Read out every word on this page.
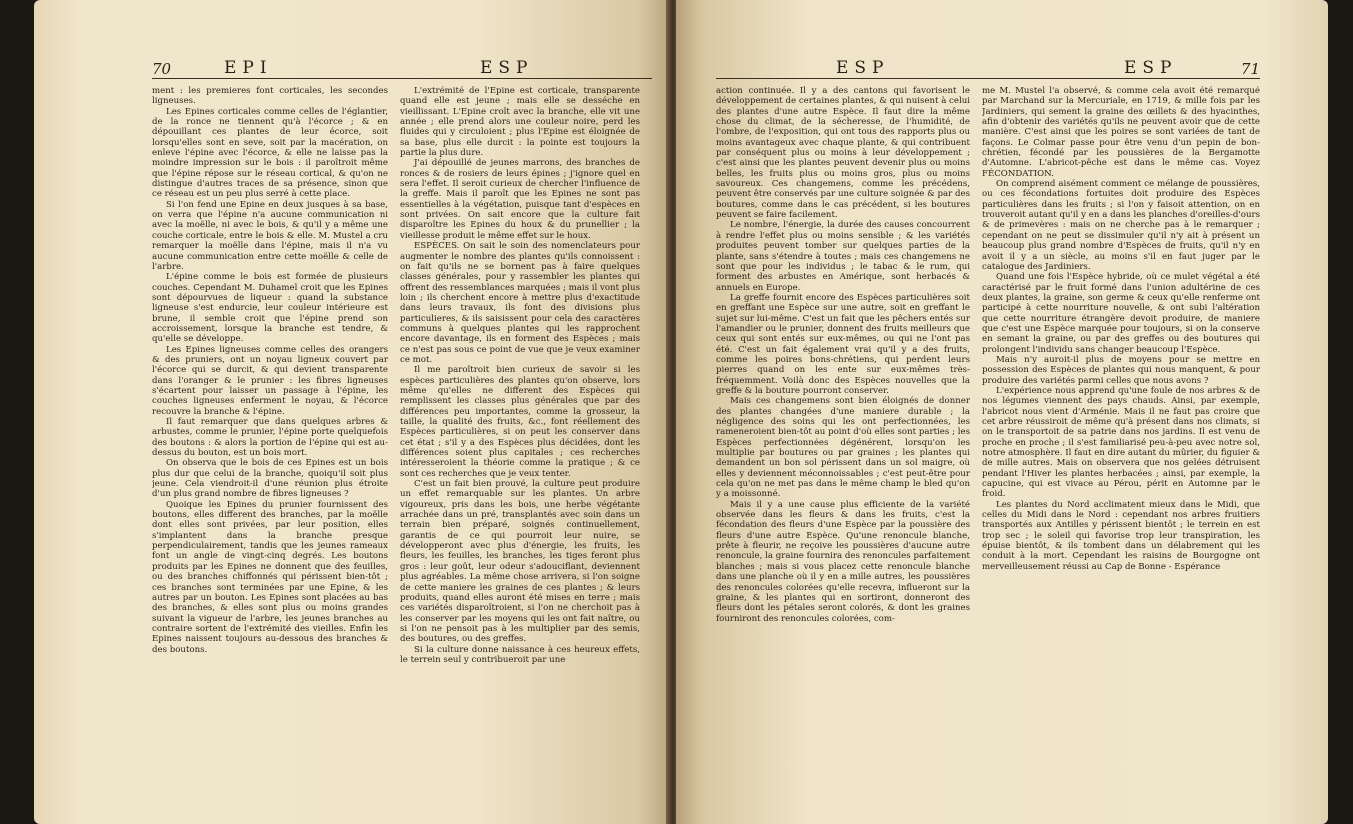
70	EPI	ESP

ment : les premieres font corticales, les secondes ligneuses.

Les Epines corticales comme celles de l'églantier, de la ronce ne tiennent qu'à l'écorce ; & en dépouillant ces plantes de leur écorce, soit lorsqu'elles sont en seve, soit par la macération, on enleve l'épine avec l'écorce, & elle ne laisse pas la moindre impression sur le bois : il paroîtroit même que l'épine répose sur le réseau cortical, & qu'on ne distingue d'autres traces de sa présence, sinon que ce réseau est un peu plus serré à cette place.

Si l'on fend une Epine en deux jusques à sa base, on verra que l'épine n'a aucune communication ni avec la moëlle, ni avec le bois, & qu'il y a même une couche corticale, entre le bois & elle. M. Mustel a cru remarquer la moëlle dans l'épine, mais il n'a vu aucune communication entre cette moëlle & celle de l'arbre.

L'épine comme le bois est formée de plusieurs couches. Cependant M. Duhamel croit que les Epines sont dépourvues de liqueur : quand la substance ligneuse s'est endurcie, leur couleur intérieure est brune, il semble croit que l'épine prend son accroissement, lorsque la branche est tendre, & qu'elle se développe.

Les Epines ligneuses comme celles des orangers & des pruniers, ont un noyau ligneux couvert par l'écorce qui se durcit, & qui devient transparente dans l'oranger & le prunier : les fibres ligneuses s'écartent pour laisser un passage à l'épine, les couches ligneuses enferment le noyau, & l'écorce recouvre la branche & l'épine.

Il faut remarquer que dans quelques arbres & arbustes, comme le prunier, l'épine porte quelquefois des boutons : & alors la portion de l'épine qui est au-dessus du bouton, est un bois mort.

On observa que le bois de ces Epines est un bois plus dur que celui de la branche, quoiqu'il soit plus jeune. Cela viendroit-il d'une réunion plus étroite d'un plus grand nombre de fibres ligneuses ?

Quoique les Epines du prunier fournissent des boutons, elles different des branches, par la moëlle dont elles sont privées, par leur position, elles s'implantent dans la branche presque perpendiculairement, tandis que les jeunes rameaux font un angle de vingt-cinq degrés. Les boutons produits par les Epines ne donnent que des feuilles, ou des branches chiffonnés qui périssent bien-tôt ; ces branches sont terminées par une Epine, & les autres par un bouton. Les Epines sont placées au bas des branches, & elles sont plus ou moins grandes suivant la vigueur de l'arbre, les jeunes branches au contraire sortent de l'extrémité des vieilles. Enfin les Epines naissent toujours au-dessous des branches & des boutons.

L'extrémité de l'Epine est corticale, transparente quand elle est jeune ; mais elle se desséche en vieillissant. L'Epine croît avec la branche, elle vit une année ; elle prend alors une couleur noire, perd les fluides qui y circuloient ; plus l'Epine est éloignée de sa base, plus elle durcit : la pointe est toujours la partie la plus dure.

J'ai dépouillé de jeunes marrons, des branches de ronces & de rosiers de leurs épines ; j'ignore quel en sera l'effet. Il seroit curieux de chercher l'influence de la greffe. Mais il paroît que les Epines ne sont pas essentielles à la végétation, puisque tant d'espèces en sont privées. On sait encore que la culture fait disparoître les Epines du houx & du prunellier ; la vieillesse produit le même effet sur le houx.

ESPÈCES. On sait le soin des nomenclateurs pour augmenter le nombre des plantes qu'ils connoissent : on fait qu'ils ne se bornent pas à faire quelques classes générales, pour y rassembler les plantes qui offrent des ressemblances marquées ; mais il vont plus loin ; ils cherchent encore à mettre plus d'exactitude dans leurs travaux, ils font des divisions plus particulieres, & ils saisissent pour cela des caractères communs à quelques plantes qui les rapprochent encore davantage, ils en forment des Espèces ; mais ce n'est pas sous ce point de vue que je veux examiner ce mot.

Il me paroîtroit bien curieux de savoir si les espèces particulières des plantes qu'on observe, lors même qu'elles ne different des Espèces qui remplissent les classes plus générales que par des différences peu importantes, comme la grosseur, la taille, la qualité des fruits, &c., font réellement des Espèces particulières, si on peut les conserver dans cet état ; s'il y a des Espèces plus décidées, dont les différences soient plus capitales ; ces recherches intéresseroient la théorie comme la pratique ; & ce sont ces recherches que je veux tenter.

C'est un fait bien prouvé, la culture peut produire un effet remarquable sur les plantes. Un arbre vigoureux, pris dans les bois, une herbe végétante arrachée dans un pré, transplantés avec soin dans un terrain bien préparé, soignés continuellement, garantis de ce qui pourroit leur nuire, se développeront avec plus d'énergie, les fruits, les fleurs, les feuilles, les branches, les tiges feront plus gros : leur goût, leur odeur s'adouciflant, deviennent plus agréables. La même chose arrivera, si l'on soigne de cette maniere les graines de ces plantes ; & leurs produits, quand elles auront été mises en terre ; mais ces variétés disparoîtroient, si l'on ne cherchoit pas à les conserver par les moyens qui les ont fait naître, ou si l'on ne pensoit pas à les multiplier par des semis, des boutures, ou des greffes.

Si la culture donne naissance à ces heureux effets, le terrein seul y contribueroit par une

ESP	ESP	71

action continuée. Il y a des cantons qui favorisent le développement de certaines plantes, & qui nuisent à celui des plantes d'une autre Espèce. Il faut dire la même chose du climat, de la sécheresse, de l'humidité, de l'ombre, de l'exposition, qui ont tous des rapports plus ou moins avantageux avec chaque plante, & qui contribuent par conséquent plus ou moins à leur développement ; c'est ainsi que les plantes peuvent devenir plus ou moins belles, les fruits plus ou moins gros, plus ou moins savoureux. Ces changemens, comme les précédens, peuvent être conservés par une culture soignée & par des boutures, comme dans le cas précédent, si les boutures peuvent se faire facilement.

Le nombre, l'énergie, la durée des causes concourrent à rendre l'effet plus ou moins sensible ; & les variétés produites peuvent tomber sur quelques parties de la plante, sans s'étendre à toutes ; mais ces changemens ne sont que pour les individus ; le tabac & le rum, qui forment des arbustes en Amérique, sont herbacés & annuels en Europe.

La greffe fournit encore des Espèces particulières soit en greffant une Espèce sur une autre, soit en greffant le sujet sur lui-même. C'est un fait que les pêchers entés sur l'amandier ou le prunier, donnent des fruits meilleurs que ceux qui sont entés sur eux-mêmes, ou qui ne l'ont pas été. C'est un fait également vrai qu'il y a des fruits, comme les poires bons-chrétiens, qui perdent leurs pierres quand on les ente sur eux-mêmes très-fréquemment. Voilà donc des Espèces nouvelles que la greffe & la bouture pourront conserver.

Mais ces changemens sont bien éloignés de donner des plantes changées d'une maniere durable ; la négligence des soins qui les ont perfectionnées, les rameneroient bien-tôt au point d'où elles sont parties ; les Espèces perfectionnées dégénérent, lorsqu'on les multiplie par boutures ou par graines ; les plantes qui demandent un bon sol périssent dans un sol maigre, où elles y deviennent méconnoissables ; c'est peut-être pour cela qu'on ne met pas dans le même champ le bled qu'on y a moissonné.

Mais il y a une cause plus efficiente de la variété observée dans les fleurs & dans les fruits, c'est la fécondation des fleurs d'une Espèce par la poussière des fleurs d'une autre Espèce. Qu'une renoncule blanche, prête à fleurir, ne reçoive les poussières d'aucune autre renoncule, la graine fournira des renoncules parfaitement blanches ; mais si vous placez cette renoncule blanche dans une planche où il y en a mille autres, les poussières des renoncules colorées qu'elle recevra, influeront sur la graine, & les plantes qui en sortiront, donneront des fleurs dont les pétales seront colorés, & dont les graines fourniront des renoncules colorées, com-

me M. Mustel l'a observé, & comme cela avoit été remarqué par Marchand sur la Mercuriale, en 1719, & mille fois par les Jardiniers, qui sement la graine des œillets & des hyacinthes, afin d'obtenir des variétés qu'ils ne peuvent avoir que de cette manière. C'est ainsi que les poires se sont variées de tant de façons. Le Colmar passe pour être venu d'un pepin de bon-chrétien, fécondé par les poussières de la Bergamotte d'Automne. L'abricot-pêche est dans le même cas. Voyez FÉCONDATION.

On comprend aisément comment ce mélange de poussières, ou ces fécondations fortuites doit produire des Espèces particulières dans les fruits ; si l'on y faisoit attention, on en trouveroit autant qu'il y en a dans les planches d'oreilles-d'ours & de primevères : mais on ne cherche pas à le remarquer ; cependant on ne peut se dissimuler qu'il n'y ait à présent un beaucoup plus grand nombre d'Espèces de fruits, qu'il n'y en avoit il y a un siècle, au moins s'il en faut juger par le catalogue des Jardiniers.

Quand une fois l'Espèce hybride, où ce mulet végétal a été caractérisé par le fruit formé dans l'union adultérine de ces deux plantes, la graine, son germe & ceux qu'elle renferme ont participé à cette nourriture nouvelle, & ont subi l'altération que cette nourriture étrangère devoit produire, de maniere que c'est une Espèce marquée pour toujours, si on la conserve en semant la graine, ou par des greffes ou des boutures qui prolongent l'individu sans changer beaucoup l'Espèce.

Mais n'y auroit-il plus de moyens pour se mettre en possession des Espèces de plantes qui nous manquent, & pour produire des variétés parmi celles que nous avons ?

L'expérience nous apprend qu'une foule de nos arbres & de nos légumes viennent des pays chauds. Ainsi, par exemple, l'abricot nous vient d'Arménie. Mais il ne faut pas croire que cet arbre réussiroit de même qu'à présent dans nos climats, si on le transportoit de sa patrie dans nos jardins. Il est venu de proche en proche ; il s'est familiarisé peu-à-peu avec notre sol, notre atmosphère. Il faut en dire autant du mûrier, du figuier & de mille autres. Mais on observera que nos gelées détruisent pendant l'Hiver les plantes herbacées ; ainsi, par exemple, la capucine, qui est vivace au Pérou, périt en Automne par le froid.

Les plantes du Nord acclimatent mieux dans le Midi, que celles du Midi dans le Nord : cependant nos arbres fruitiers transportés aux Antilles y périssent bientôt ; le terrein en est trop sec ; le soleil qui favorise trop leur transpiration, les épuise bientôt, & ils tombent dans un délabrement qui les conduit à la mort. Cependant les raisins de Bourgogne ont merveilleusement réussi au Cap de Bonne - Espérance
